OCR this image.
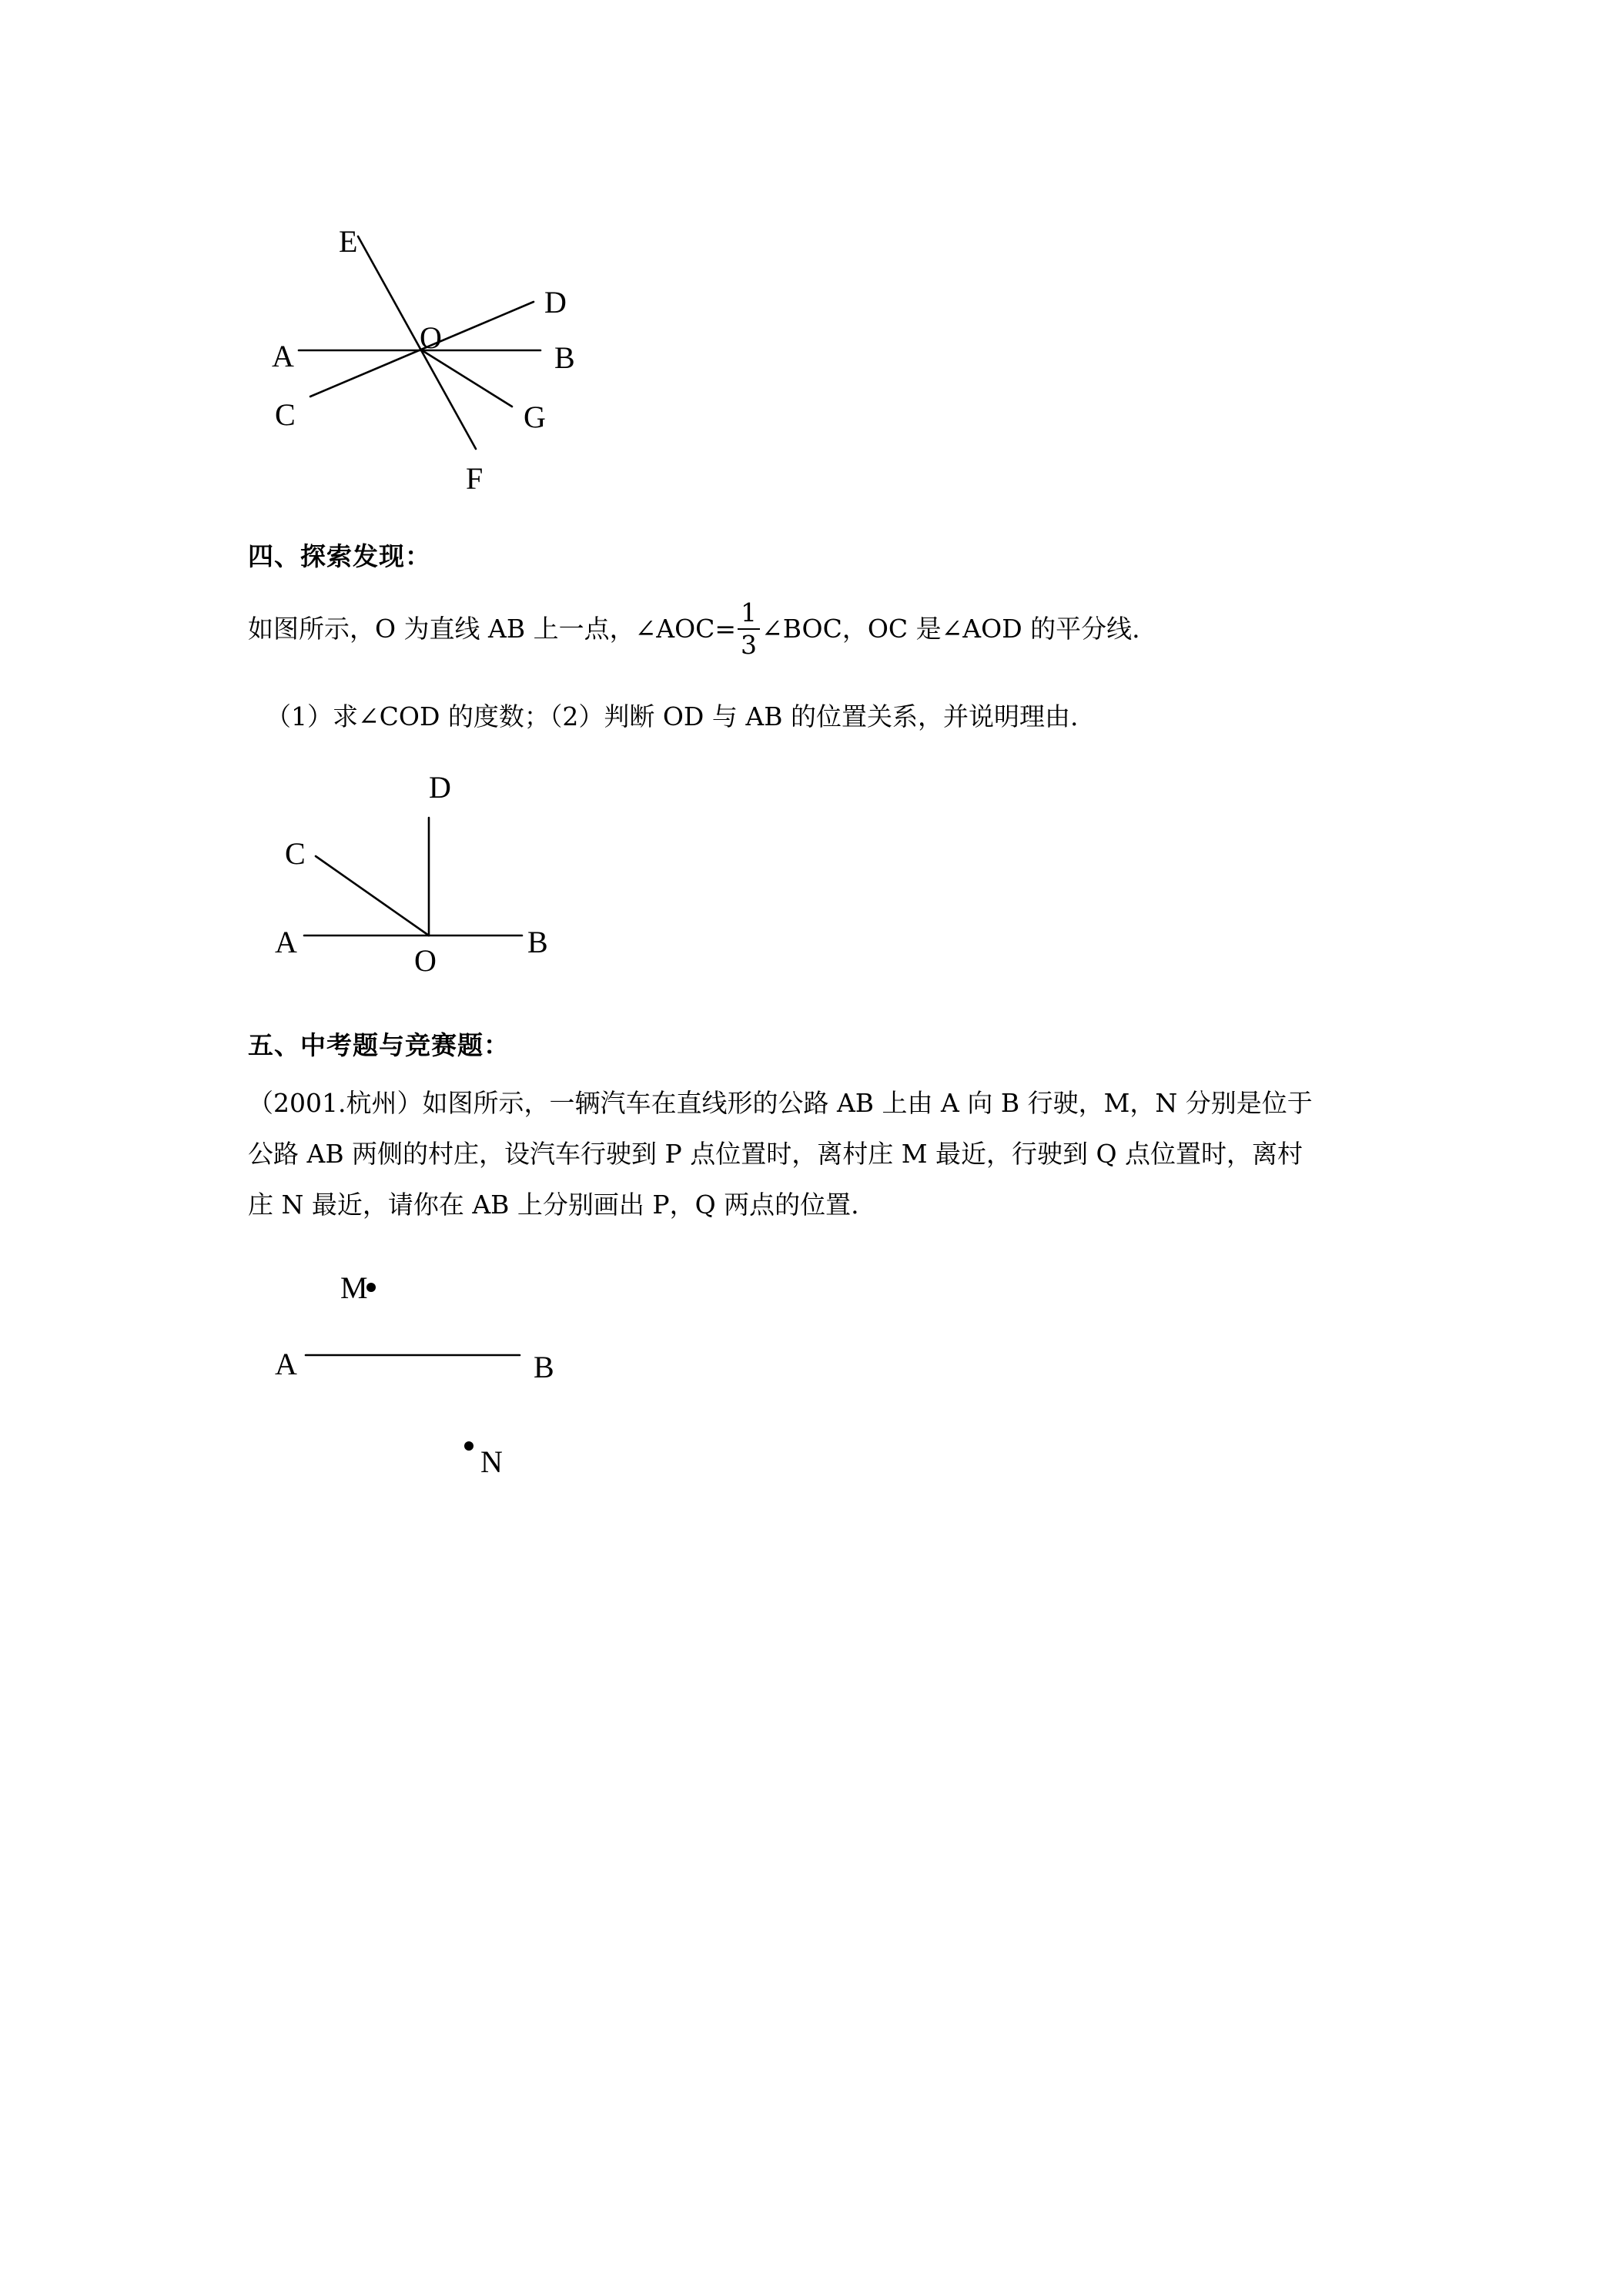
E
D
A
O
B
C	G
F
四、探索发现：
如图所示，O 为直线 AB 上一点，∠AOC= $\frac{1}{3}$ ∠BOC，OC 是∠AOD 的平分线.
（1）求∠COD 的度数；（2）判断 OD 与 AB 的位置关系，并说明理由.
D
C
A
O
B
五、中考题与竞赛题：
（2001.杭州）如图所示，一辆汽车在直线形的公路 AB 上由 A 向 B 行驶，M，N 分别是位于
公路 AB 两侧的村庄，设汽车行驶到 P 点位置时，离村庄 M 最近，行驶到 Q 点位置时，离村
庄 N 最近，请你在 AB 上分别画出 P，Q 两点的位置.
M
A	B
N
